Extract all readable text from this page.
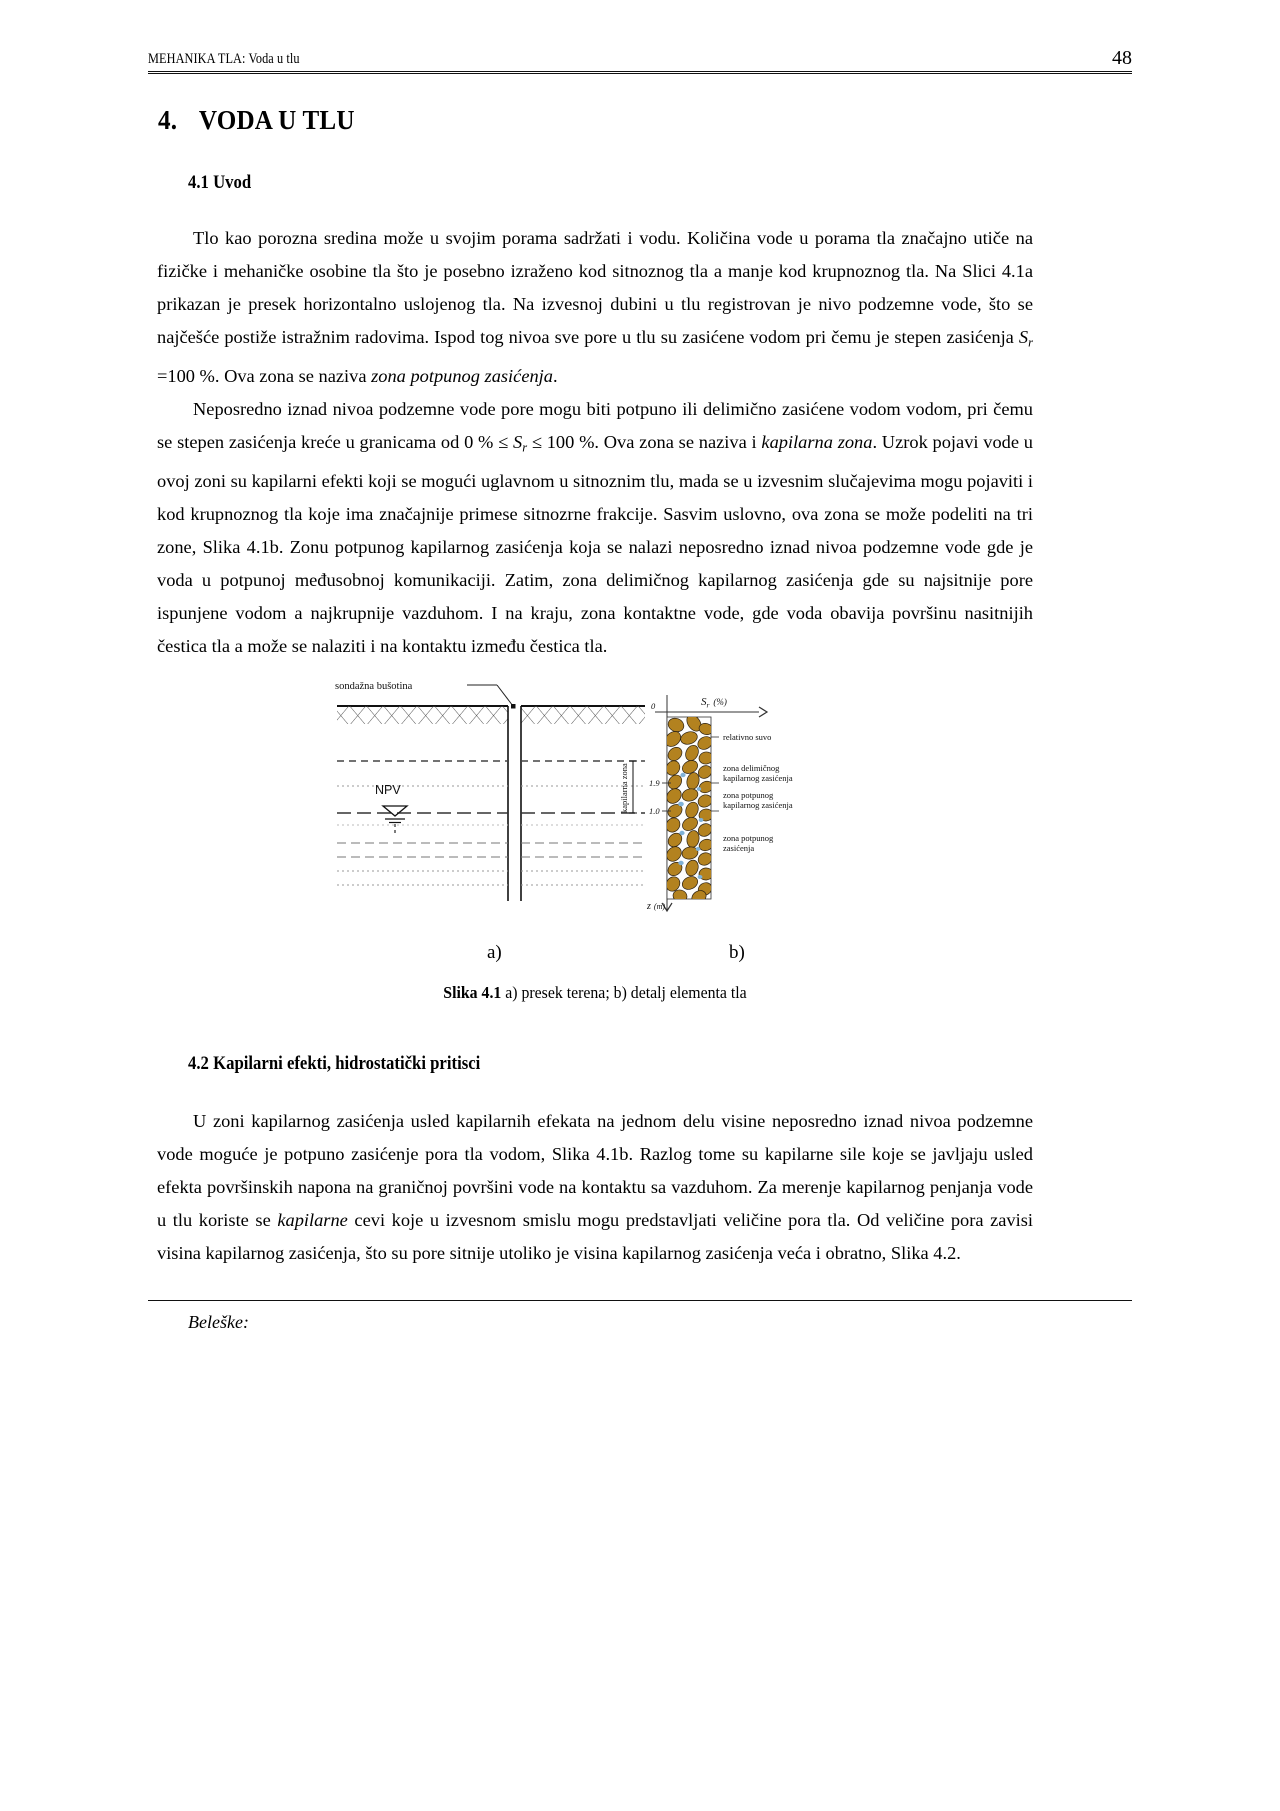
MEHANIKA TLA: Voda u tlu	48
4. VODA U TLU
4.1 Uvod

Tlo kao porozna sredina može u svojim porama sadržati i vodu. Količina vode u porama tla značajno utiče na fizičke i mehaničke osobine tla što je posebno izraženo kod sitnoznog tla a manje kod krupnoznog tla. Na Slici 4.1a prikazan je presek horizontalno uslojenog tla. Na izvesnoj dubini u tlu registrovan je nivo podzemne vode, što se najčešće postiže istražnim radovima. Ispod tog nivoa sve pore u tlu su zasićene vodom pri čemu je stepen zasićenja $S_r =100$ %. Ova zona se naziva zona potpunog zasićenja.

Neposredno iznad nivoa podzemne vode pore mogu biti potpuno ili delimično zasićene vodom vodom, pri čemu se stepen zasićenja kreće u granicama od 0 % ≤ $S_r \le 100$ %. Ova zona se naziva i kapilarna zona. Uzrok pojavi vode u ovoj zoni su kapilarni efekti koji se mogući uglavnom u sitnoznim tlu, mada se u izvesnim slučajevima mogu pojaviti i kod krupnoznog tla koje ima značajnije primese sitnozrne frakcije. Sasvim uslovno, ova zona se može podeliti na tri zone, Slika 4.1b. Zonu potpunog kapilarnog zasićenja koja se nalazi neposredno iznad nivoa podzemne vode gde je voda u potpunoj međusobnoj komunikaciji. Zatim, zona delimičnog kapilarnog zasićenja gde su najsitnije pore ispunjene vodom a najkrupnije vazduhom. I na kraju, zona kontaktne vode, gde voda obavija površinu nasitnijih čestica tla a može se nalaziti i na kontaktu između čestica tla.

sondažna bušotina
NPV	kapilarna zona
0	$S_r$ (%)
z (m)
1.9
1.0
relativno suvo
zona delimičnog kapilarnog zasićenja
zona potpunog kapilarnog zasićenja
zona potpunog zasićenja
a)	b)
Slika 4.1 a) presek terena; b) detalj elementa tla
4.2 Kapilarni efekti, hidrostatički pritisci

U zoni kapilarnog zasićenja usled kapilarnih efekata na jednom delu visine neposredno iznad nivoa podzemne vode moguće je potpuno zasićenje pora tla vodom, Slika 4.1b. Razlog tome su kapilarne sile koje se javljaju usled efekta površinskih napona na graničnoj površini vode na kontaktu sa vazduhom. Za merenje kapilarnog penjanja vode u tlu koriste se kapilarne cevi koje u izvesnom smislu mogu predstavljati veličine pora tla. Od veličine pora zavisi visina kapilarnog zasićenja, što su pore sitnije utoliko je visina kapilarnog zasićenja veća i obratno, Slika 4.2.

Beleške:
